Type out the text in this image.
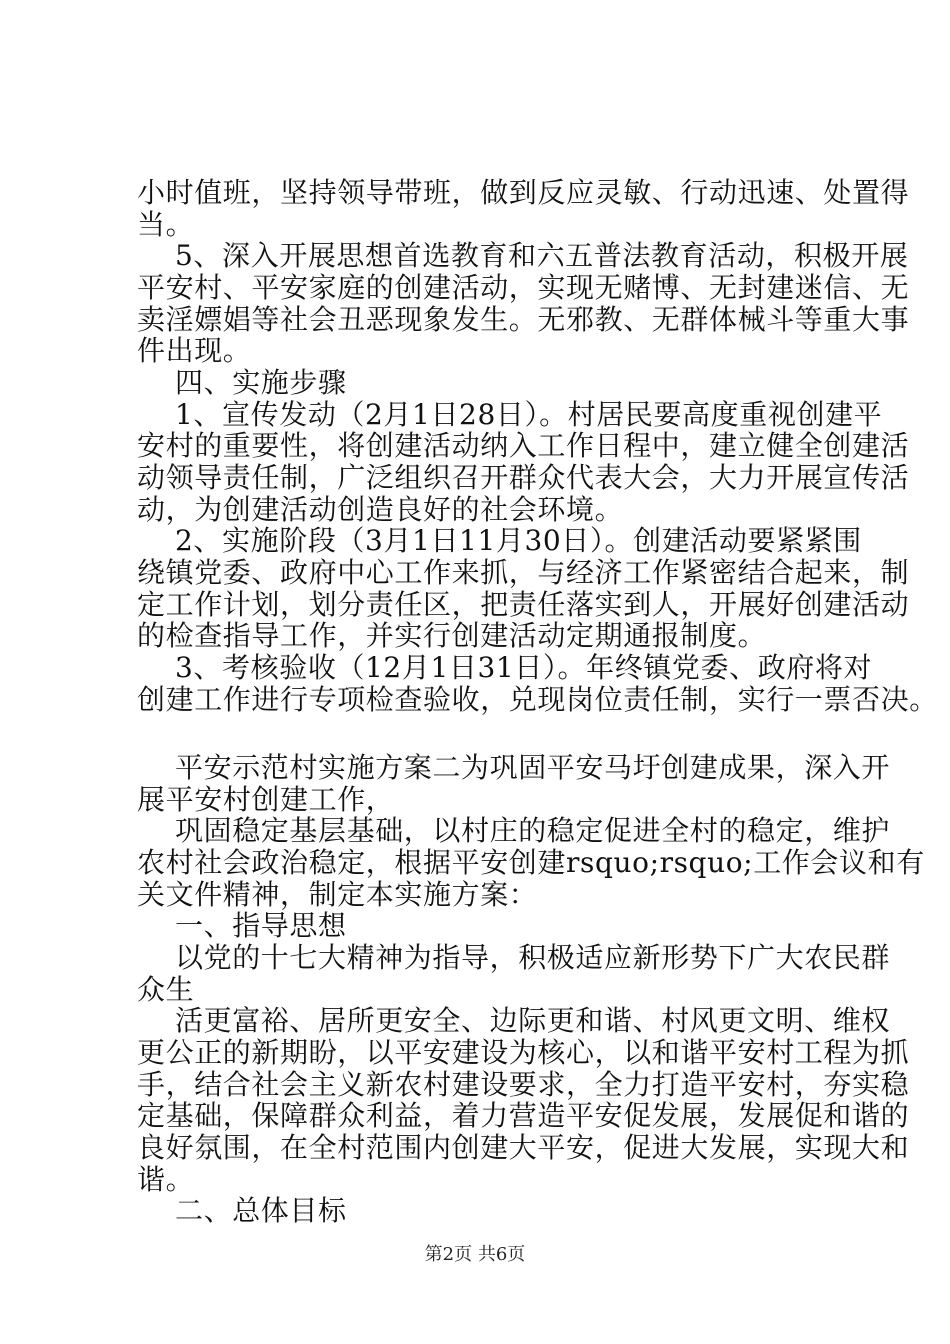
小时值班，坚持领导带班，做到反应灵敏、行动迅速、处置得
当。
5、深入开展思想首选教育和六五普法教育活动，积极开展
平安村、平安家庭的创建活动，实现无赌博、无封建迷信、无
卖淫嫖娼等社会丑恶现象发生。无邪教、无群体械斗等重大事
件出现。
四、实施步骤
1、宣传发动（2月1日28日）。村居民要高度重视创建平
安村的重要性，将创建活动纳入工作日程中，建立健全创建活
动领导责任制，广泛组织召开群众代表大会，大力开展宣传活
动，为创建活动创造良好的社会环境。
2、实施阶段（3月1日11月30日）。创建活动要紧紧围
绕镇党委、政府中心工作来抓，与经济工作紧密结合起来，制
定工作计划，划分责任区，把责任落实到人，开展好创建活动
的检查指导工作，并实行创建活动定期通报制度。
3、考核验收（12月1日31日）。年终镇党委、政府将对
创建工作进行专项检查验收，兑现岗位责任制，实行一票否决。
平安示范村实施方案二为巩固平安马圩创建成果，深入开
展平安村创建工作，
巩固稳定基层基础，以村庄的稳定促进全村的稳定，维护
农村社会政治稳定，根据平安创建rsquo;rsquo;工作会议和有
关文件精神，制定本实施方案：
一、指导思想
以党的十七大精神为指导，积极适应新形势下广大农民群
众生
活更富裕、居所更安全、边际更和谐、村风更文明、维权
更公正的新期盼，以平安建设为核心，以和谐平安村工程为抓
手，结合社会主义新农村建设要求，全力打造平安村，夯实稳
定基础，保障群众利益，着力营造平安促发展，发展促和谐的
良好氛围，在全村范围内创建大平安，促进大发展，实现大和
谐。
二、总体目标
第2页 共6页
